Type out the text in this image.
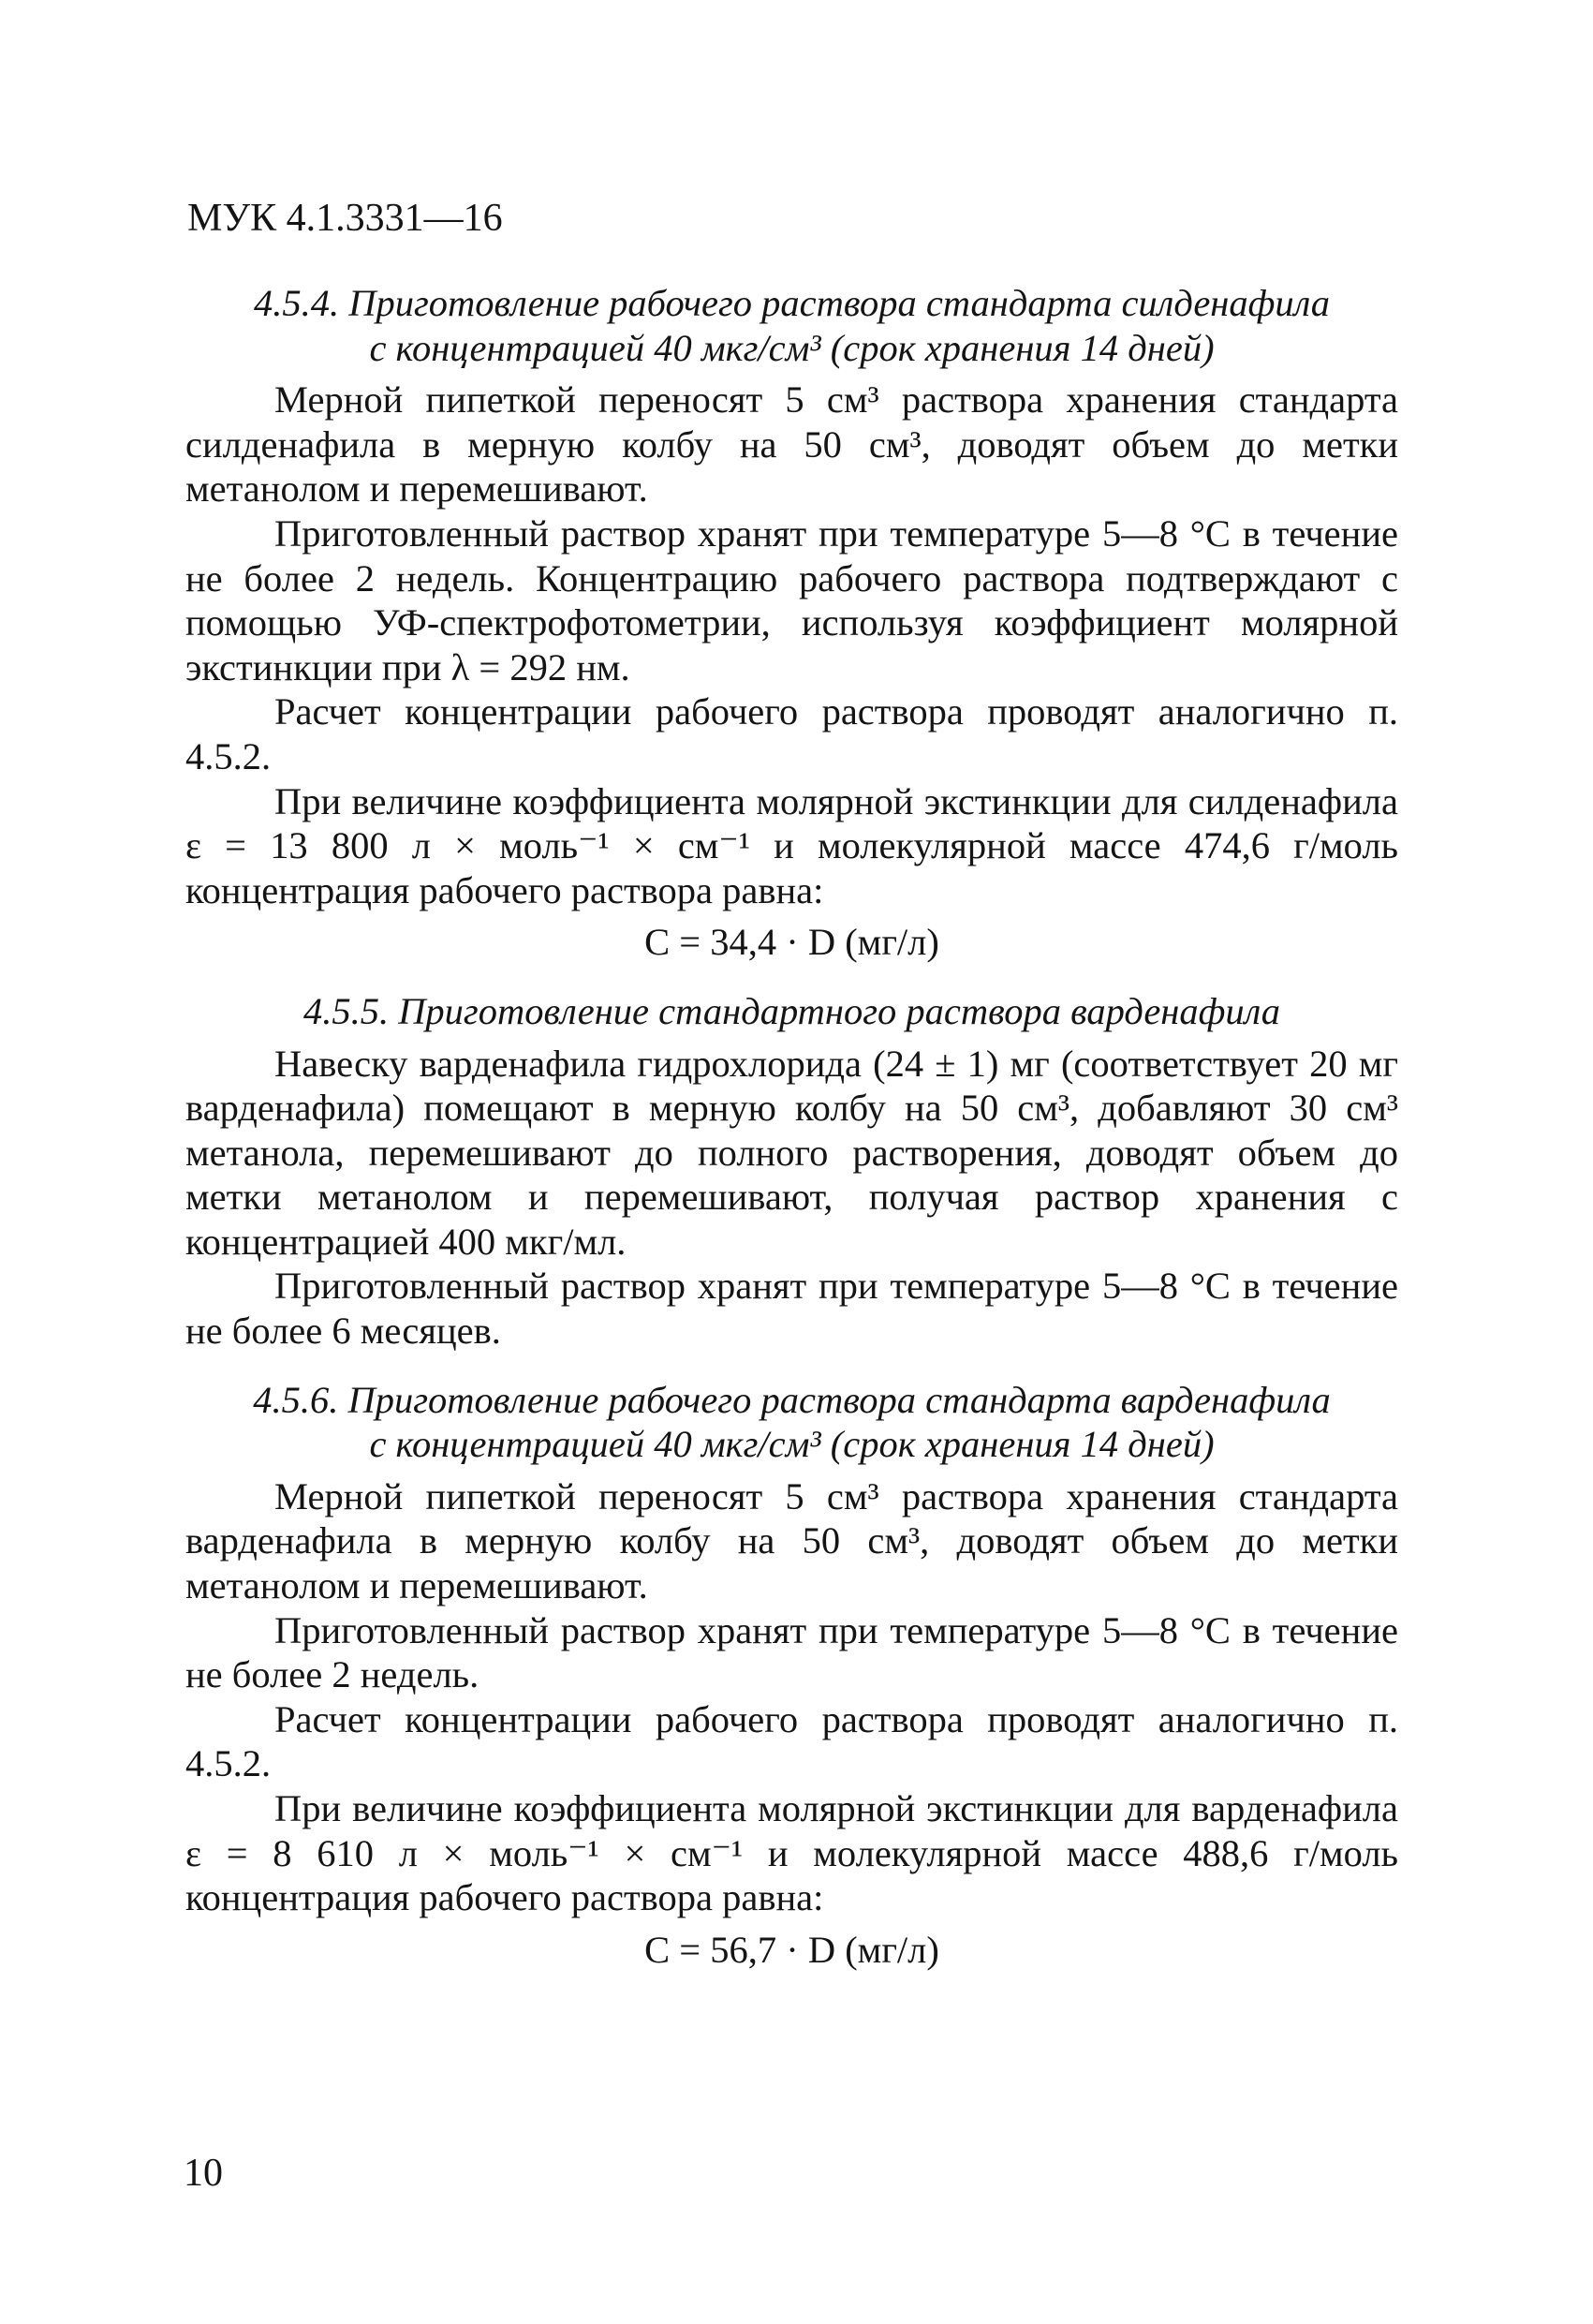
МУК 4.1.3331—16

4.5.4. Приготовление рабочего раствора стандарта силденафила

с концентрацией 40 мкг/см³ (срок хранения 14 дней)

Мерной пипеткой переносят 5 см³ раствора хранения стандарта силденафила в мерную колбу на 50 см³, доводят объем до метки метанолом и перемешивают.

Приготовленный раствор хранят при температуре 5—8 °С в течение не более 2 недель. Концентрацию рабочего раствора подтверждают с помощью УФ-спектрофотометрии, используя коэффициент молярной экстинкции при λ = 292 нм.

Расчет концентрации рабочего раствора проводят аналогично п. 4.5.2.

При величине коэффициента молярной экстинкции для силденафила ε = 13 800 л × моль⁻¹ × см⁻¹ и молекулярной массе 474,6 г/моль концентрация рабочего раствора равна:

C = 34,4 · D (мг/л)

4.5.5. Приготовление стандартного раствора варденафила

Навеску варденафила гидрохлорида (24 ± 1) мг (соответствует 20 мг варденафила) помещают в мерную колбу на 50 см³, добавляют 30 см³ метанола, перемешивают до полного растворения, доводят объем до метки метанолом и перемешивают, получая раствор хранения с концентрацией 400 мкг/мл.

Приготовленный раствор хранят при температуре 5—8 °С в течение не более 6 месяцев.

4.5.6. Приготовление рабочего раствора стандарта варденафила

с концентрацией 40 мкг/см³ (срок хранения 14 дней)

Мерной пипеткой переносят 5 см³ раствора хранения стандарта варденафила в мерную колбу на 50 см³, доводят объем до метки метанолом и перемешивают.

Приготовленный раствор хранят при температуре 5—8 °С в течение не более 2 недель.

Расчет концентрации рабочего раствора проводят аналогично п. 4.5.2.

При величине коэффициента молярной экстинкции для варденафила ε = 8 610 л × моль⁻¹ × см⁻¹ и молекулярной массе 488,6 г/моль концентрация рабочего раствора равна:

C = 56,7 · D (мг/л)

10
